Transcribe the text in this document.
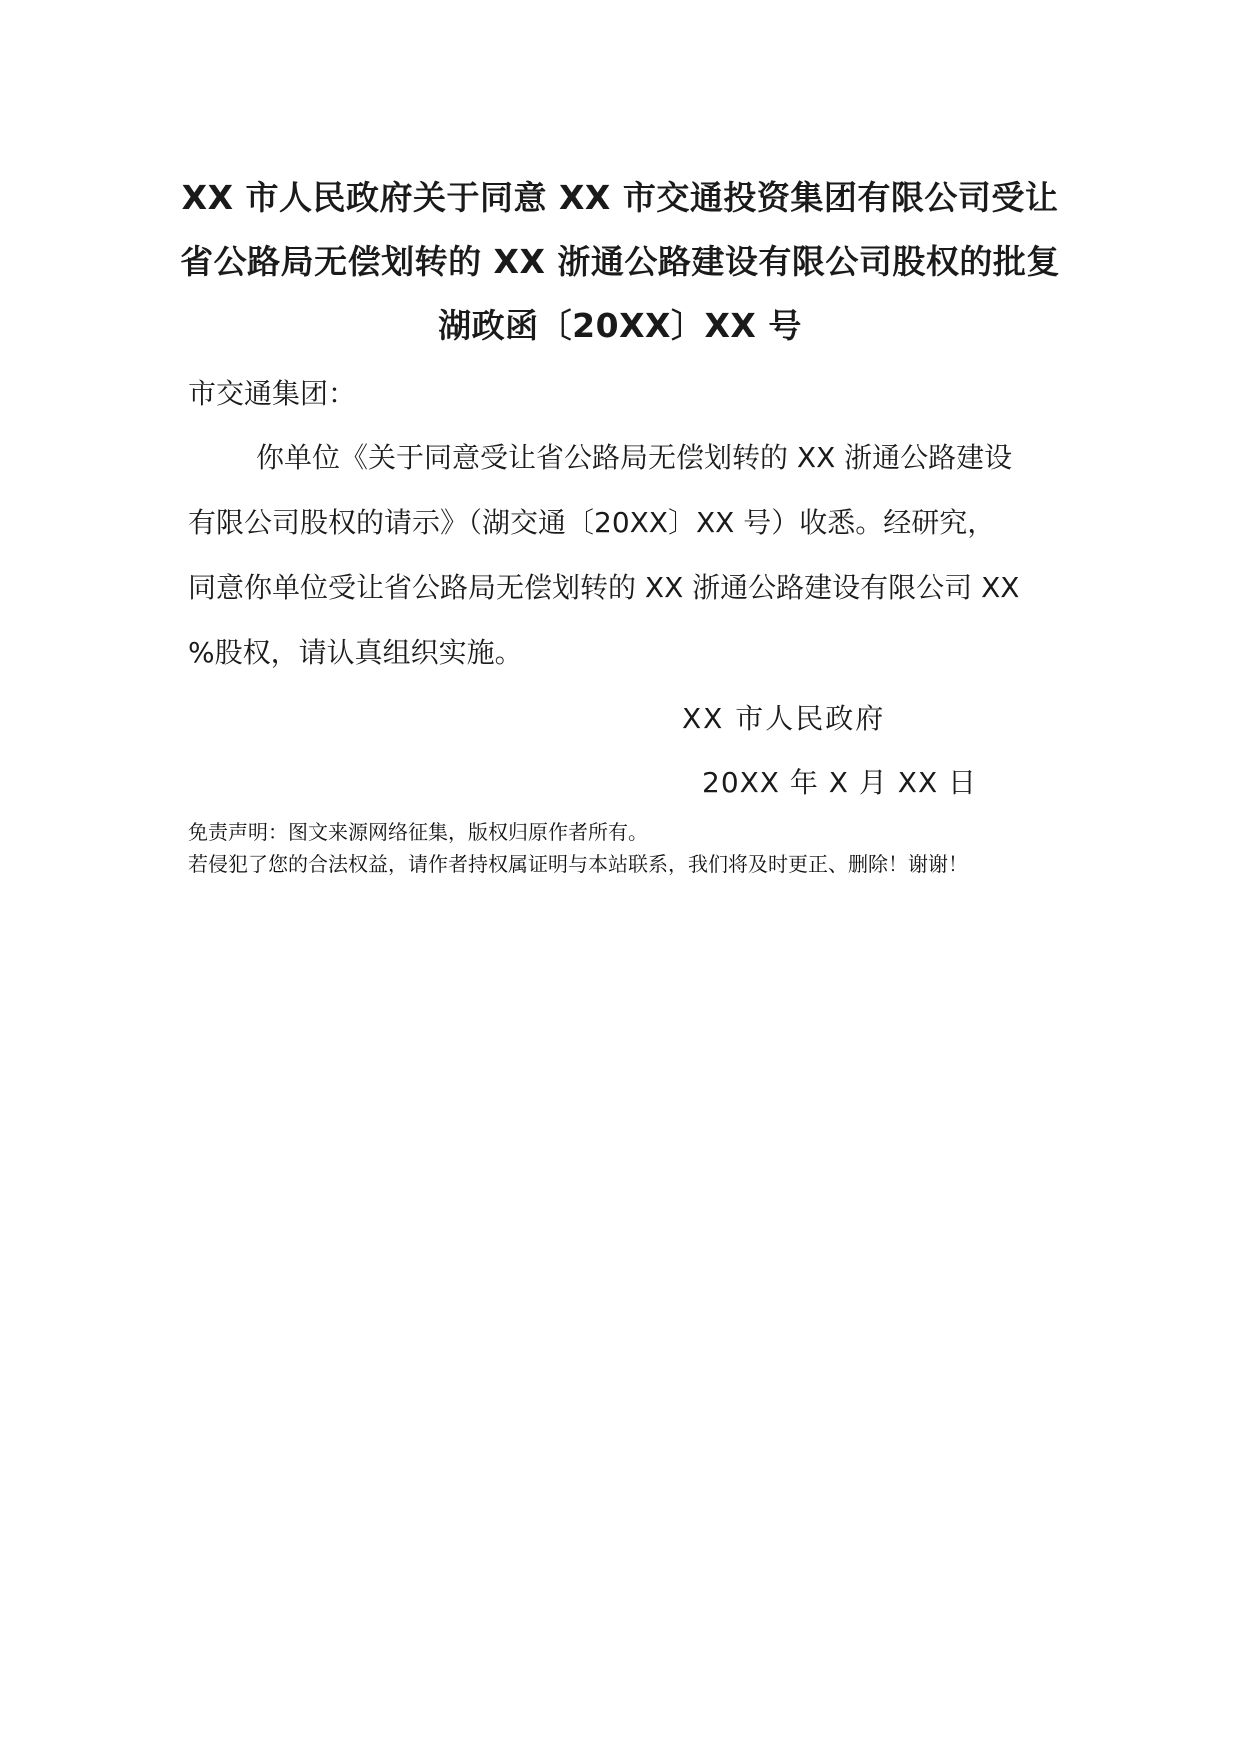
XX 市人民政府关于同意 XX 市交通投资集团有限公司受让
省公路局无偿划转的 XX 浙通公路建设有限公司股权的批复
湖政函〔20XX〕XX 号
市交通集团：
你单位《关于同意受让省公路局无偿划转的 XX 浙通公路建设
有限公司股权的请示》（湖交通〔20XX〕XX 号）收悉。经研究，
同意你单位受让省公路局无偿划转的 XX 浙通公路建设有限公司 XX
%股权，请认真组织实施。
XX 市人民政府
20XX 年 X 月 XX 日
免责声明：图文来源网络征集，版权归原作者所有。
若侵犯了您的合法权益，请作者持权属证明与本站联系，我们将及时更正、删除！谢谢！
